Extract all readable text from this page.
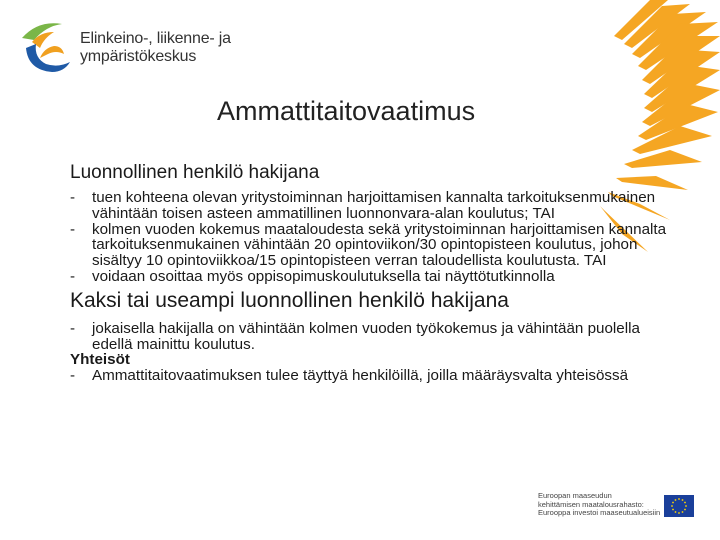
Elinkeino-, liikenne- ja
ympäristökeskus
Ammattitaitovaatimus

Luonnollinen henkilö hakijana

- tuen kohteena olevan yritystoiminnan harjoittamisen kannalta tarkoituksenmukainen vähintään toisen asteen ammatillinen luonnonvara-alan koulutus; TAI

- kolmen vuoden kokemus maataloudesta sekä yritystoiminnan harjoittamisen kannalta tarkoituksenmukainen vähintään 20 opintoviikon/30 opintopisteen koulutus, johon sisältyy 10 opintoviikkoa/15 opintopisteen verran taloudellista koulutusta. TAI

- voidaan osoittaa myös oppisopimuskoulutuksella tai näyttötutkinnolla

Kaksi tai useampi luonnollinen henkilö hakijana

- jokaisella hakijalla on vähintään kolmen vuoden työkokemus ja vähintään puolella edellä mainittu koulutus.

Yhteisöt

- Ammattitaitovaatimuksen tulee täyttyä henkilöillä, joilla määräysvalta yhteisössä

Euroopan maaseudun
kehittämisen maatalousrahasto:
Eurooppa investoi maaseutualueisiin
